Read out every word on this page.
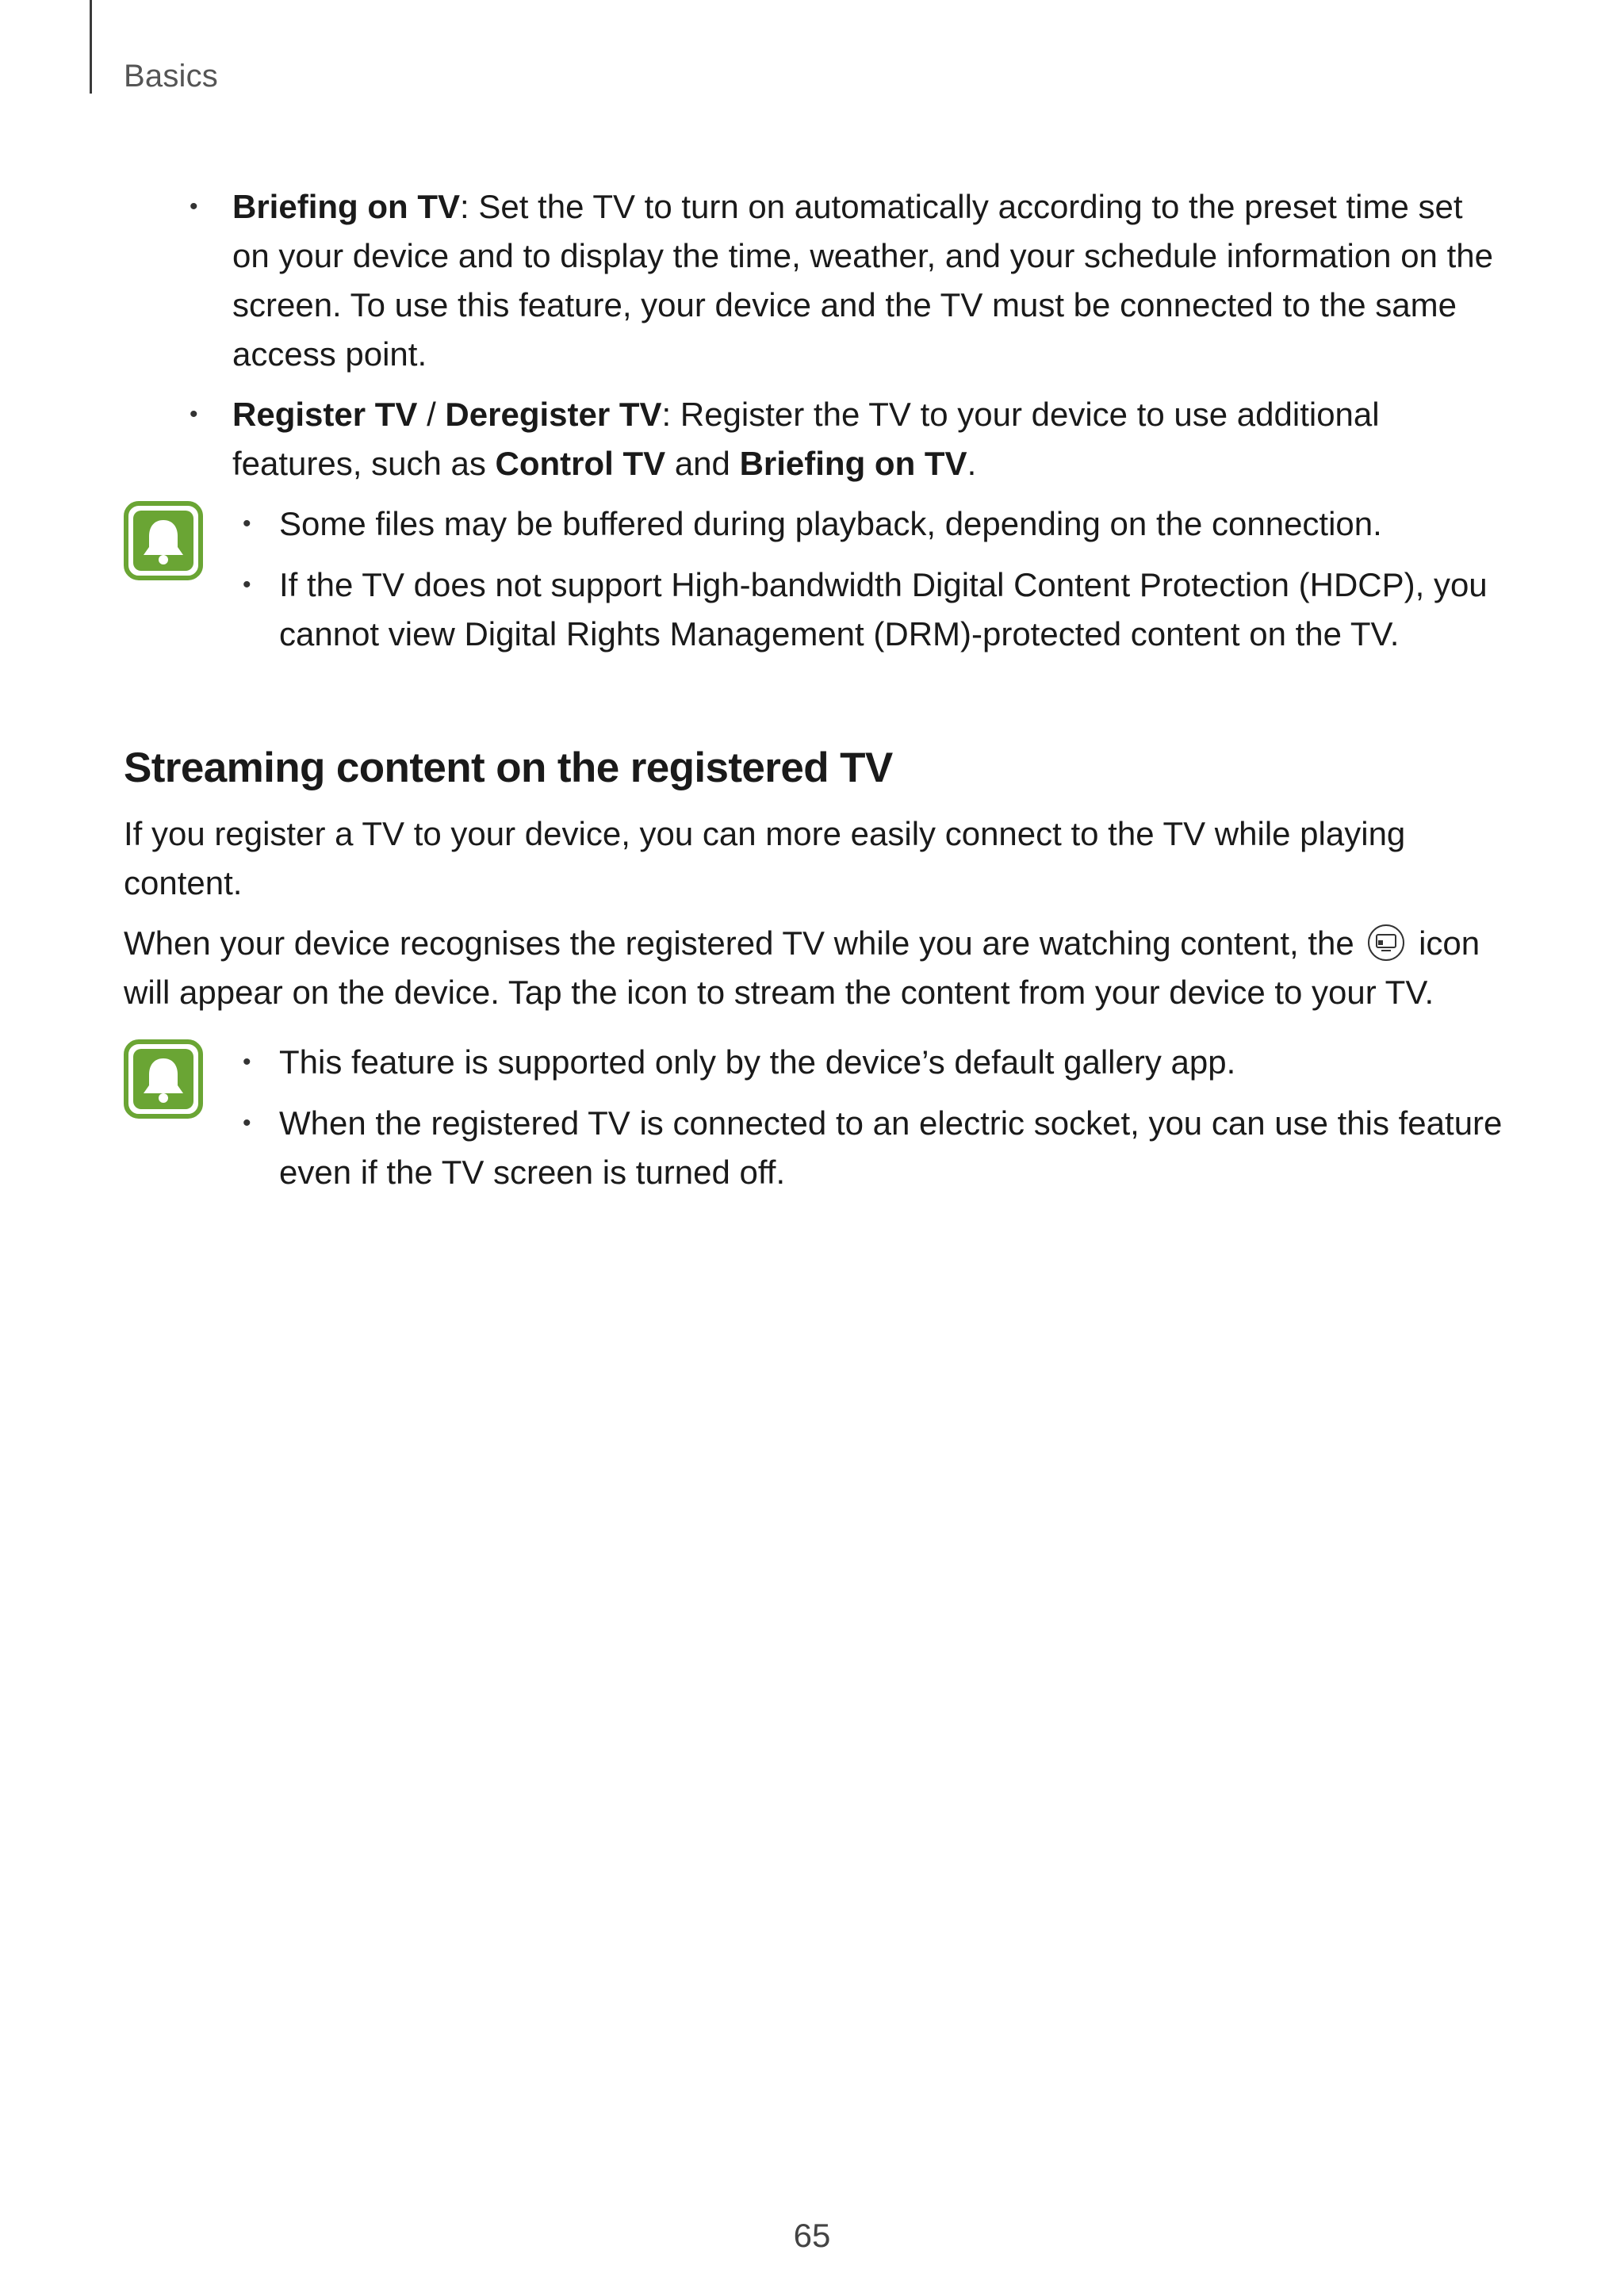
Basics
• Briefing on TV: Set the TV to turn on automatically according to the preset time set on your device and to display the time, weather, and your schedule information on the screen. To use this feature, your device and the TV must be connected to the same access point.
• Register TV / Deregister TV: Register the TV to your device to use additional features, such as Control TV and Briefing on TV.
• Some files may be buffered during playback, depending on the connection.
• If the TV does not support High-bandwidth Digital Content Protection (HDCP), you cannot view Digital Rights Management (DRM)-protected content on the TV.
Streaming content on the registered TV

If you register a TV to your device, you can more easily connect to the TV while playing content.

When your device recognises the registered TV while you are watching content, the  icon will appear on the device. Tap the icon to stream the content from your device to your TV.

• This feature is supported only by the device’s default gallery app.
• When the registered TV is connected to an electric socket, you can use this feature even if the TV screen is turned off.
65
